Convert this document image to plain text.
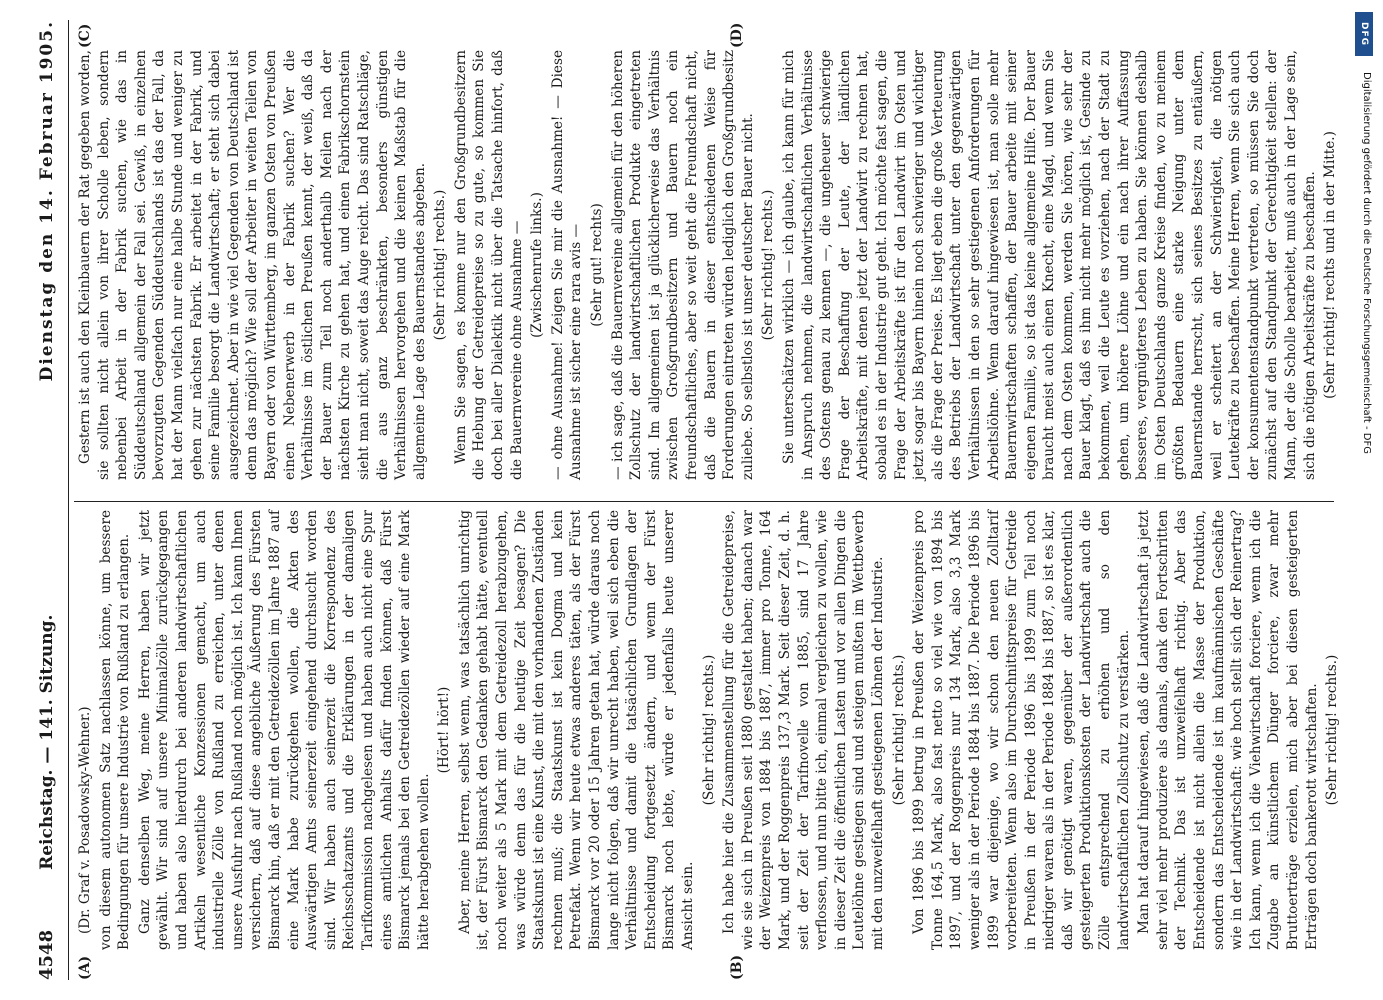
4548
Reichstag. — 141. Sitzung.
Dienstag den 14. Februar 1905.
(A)	(B)
(C)	(D)

(Dr. Graf v. Posadowsky-Wehner.) von diesem autonomen Satz nachlassen könne, um bessere Bedingungen für unsere Industrie von Rußland zu erlangen. Ganz denselben Weg, meine Herren, haben wir jetzt gewählt. Wir sind auf unsere Minimalzölle zurückgegangen und haben also hierdurch bei anderen landwirtschaftlichen Artikeln wesentliche Konzessionen gemacht, um auch industrielle Zölle von Rußland zu erreichen, unter denen unsere Ausfuhr nach Rußland noch möglich ist. Ich kann Ihnen versichern, daß auf diese angebliche Äußerung des Fürsten Bismarck hin, daß er mit den Getreidezöllen im Jahre 1887 auf eine Mark habe zurückgehen wollen, die Akten des Auswärtigen Amts seinerzeit eingehend durchsucht worden sind. Wir haben auch seinerzeit die Korrespondenz des Reichsschatzamts und die Erklärungen in der damaligen Tarifkommission nachgelesen und haben auch nicht eine Spur eines amtlichen Anhalts dafür finden können, daß Fürst Bismarck jemals bei den Getreidezöllen wieder auf eine Mark hätte herabgehen wollen.

(Hört! hört!) Aber, meine Herren, selbst wenn, was tatsächlich unrichtig ist, der Fürst Bismarck den Gedanken gehabt hätte, eventuell noch weiter als 5 Mark mit dem Getreidezoll herabzugehen, was würde denn das für die heutige Zeit besagen? Die Staatskunst ist eine Kunst, die mit den vorhandenen Zuständen rechnen muß; die Staatskunst ist kein Dogma und kein Petrefakt. Wenn wir heute etwas anderes täten, als der Fürst Bismarck vor 20 oder 15 Jahren getan hat, würde daraus noch lange nicht folgen, daß wir unrecht haben, weil sich eben die Verhältnisse und damit die tatsächlichen Grundlagen der Entscheidung fortgesetzt ändern, und wenn der Fürst Bismarck noch lebte, würde er jedenfalls heute unserer Ansicht sein.

(Sehr richtig! rechts.) Ich habe hier die Zusammenstellung für die Getreidepreise, wie sie sich in Preußen seit 1880 gestaltet haben; danach war der Weizenpreis von 1884 bis 1887, immer pro Tonne, 164 Mark, und der Roggenpreis 137,3 Mark. Seit dieser Zeit, d. h. seit der Zeit der Tarifnovelle von 1885, sind 17 Jahre verflossen, und nun bitte ich, einmal vergleichen zu wollen, wie in dieser Zeit die öffentlichen Lasten und vor allen Dingen die Leutelöhne gestiegen sind und steigen mußten im Wettbewerb mit den unzweifelhaft gestiegenen Löhnen der Industrie. (Sehr richtig! rechts.) Von 1896 bis 1899 betrug in Preußen der Weizenpreis pro Tonne 164,5 Mark, also fast netto so viel wie von 1894 bis 1897, und der Roggenpreis nur 134 Mark, also 3,3 Mark weniger als in der Periode 1884 bis 1887. Die Periode 1896 bis 1899 war diejenige, wo wir schon den neuen Zolltarif vorbereiteten. Wenn also im Durchschnittspreise für Getreide in Preußen in der Periode 1896 bis 1899 zum Teil noch niedriger waren als in der Periode 1884 bis 1887, so ist es klar, daß wir genötigt waren, gegenüber der außerordentlich gesteigerten Produktionskosten der Landwirtschaft auch die Zölle entsprechend zu erhöhen und so den landwirtschaftlichen Zollschutz zu verstärken. Man hat darauf hingewiesen, daß die Landwirtschaft ja jetzt sehr viel mehr produziere als damals, dank den Fortschritten der Technik. Das ist unzweifelhaft richtig. Aber das Entscheidende ist nicht allein die Masse der Produktion, sondern das Entscheidende ist im kaufmännischen Geschäfte wie in der Landwirtschaft: wie hoch stellt sich der Reinertrag? Ich kann, wenn ich die Viehwirtschaft forciere, wenn ich die Zugabe an künstlichem Dünger forciere, zwar mehr Bruttoerträge erzielen, mich aber bei diesen gesteigerten Erträgen doch bankerott wirtschaften. (Sehr richtig! rechts.)

Gestern ist auch den Kleinbauern der Rat gegeben worden, sie sollten nicht allein von ihrer Scholle leben, sondern nebenbei Arbeit in der Fabrik suchen, wie das in Süddeutschland allgemein der Fall sei. Gewiß, in einzelnen bevorzugten Gegenden Süddeutschlands ist das der Fall, da hat der Mann vielfach nur eine halbe Stunde und weniger zu gehen zur nächsten Fabrik. Er arbeitet in der Fabrik, und seine Familie besorgt die Landwirtschaft; er steht sich dabei ausgezeichnet. Aber in wie viel Gegenden von Deutschland ist denn das möglich? Wie soll der Arbeiter in weiten Teilen von Bayern oder von Württemberg, im ganzen Osten von Preußen einen Nebenerwerb in der Fabrik suchen? Wer die Verhältnisse im östlichen Preußen kennt, der weiß, daß da der Bauer zum Teil noch anderthalb Meilen nach der nächsten Kirche zu gehen hat, und einen Fabrikschornstein sieht man nicht, soweit das Auge reicht. Das sind Ratschläge, die aus ganz beschränkten, besonders günstigen Verhältnissen hervorgehen und die keinen Maßstab für die allgemeine Lage des Bauernstandes abgeben. (Sehr richtig! rechts.) Wenn Sie sagen, es komme nur den Großgrundbesitzern die Hebung der Getreidepreise so zu gute, so kommen Sie doch bei aller Dialektik nicht über die Tatsache hinfort, daß die Bauernvereine ohne Ausnahme — (Zwischenrufe links.) — ohne Ausnahme! Zeigen Sie mir die Ausnahme! — Diese Ausnahme ist sicher eine rara avis — (Sehr gut! rechts) — ich sage, daß die Bauernvereine allgemein für den höheren Zollschutz der landwirtschaftlichen Produkte eingetreten sind. Im allgemeinen ist ja glücklicherweise das Verhältnis zwischen Großgrundbesitzern und Bauern noch ein freundschaftliches, aber so weit geht die Freundschaft nicht, daß die Bauern in dieser entschiedenen Weise für Forderungen eintreten würden lediglich den Großgrundbesitz zuliebe. So selbstlos ist unser deutscher Bauer nicht. (Sehr richtig! rechts.) Sie unterschätzen wirklich — ich glaube, ich kann für mich in Anspruch nehmen, die landwirtschaftlichen Verhältnisse des Ostens genau zu kennen —, die ungeheuer schwierige Frage der Beschaffung der Leute, der ländlichen Arbeitskräfte, mit denen jetzt der Landwirt zu rechnen hat, sobald es in der Industrie gut geht. Ich möchte fast sagen, die Frage der Arbeitskräfte ist für den Landwirt im Osten und jetzt sogar bis Bayern hinein noch schwieriger und wichtiger als die Frage der Preise. Es liegt eben die große Verteuerung des Betriebs der Landwirtschaft unter den gegenwärtigen Verhältnissen in den so sehr gestiegenen Anforderungen für Arbeitslöhne. Wenn darauf hingewiesen ist, man solle mehr Bauernwirtschaften schaffen, der Bauer arbeite mit seiner eigenen Familie, so ist das keine allgemeine Hilfe. Der Bauer braucht meist auch einen Knecht, eine Magd, und wenn Sie nach dem Osten kommen, werden Sie hören, wie sehr der Bauer klagt, daß es ihm nicht mehr möglich ist, Gesinde zu bekommen, weil die Leute es vorziehen, nach der Stadt zu gehen, um höhere Löhne und ein nach ihrer Auffassung besseres, vergnügteres Leben zu haben. Sie können deshalb im Osten Deutschlands ganze Kreise finden, wo zu meinem größten Bedauern eine starke Neigung unter dem Bauernstande herrscht, sich seines Besitzes zu entäußern, weil er scheitert an der Schwierigkeit, die nötigen Leutekräfte zu beschaffen. Meine Herren, wenn Sie sich auch der konsumentenstandpunkt vertreten, so müssen Sie doch zunächst auf den Standpunkt der Gerechtigkeit stellen: der Mann, der die Scholle bearbeitet, muß auch in der Lage sein, sich die nötigen Arbeitskräfte zu beschaffen. (Sehr richtig! rechts und in der Mitte.)

DFG
Digitalisierung gefördert durch die Deutsche Forschungsgemeinschaft - DFG
